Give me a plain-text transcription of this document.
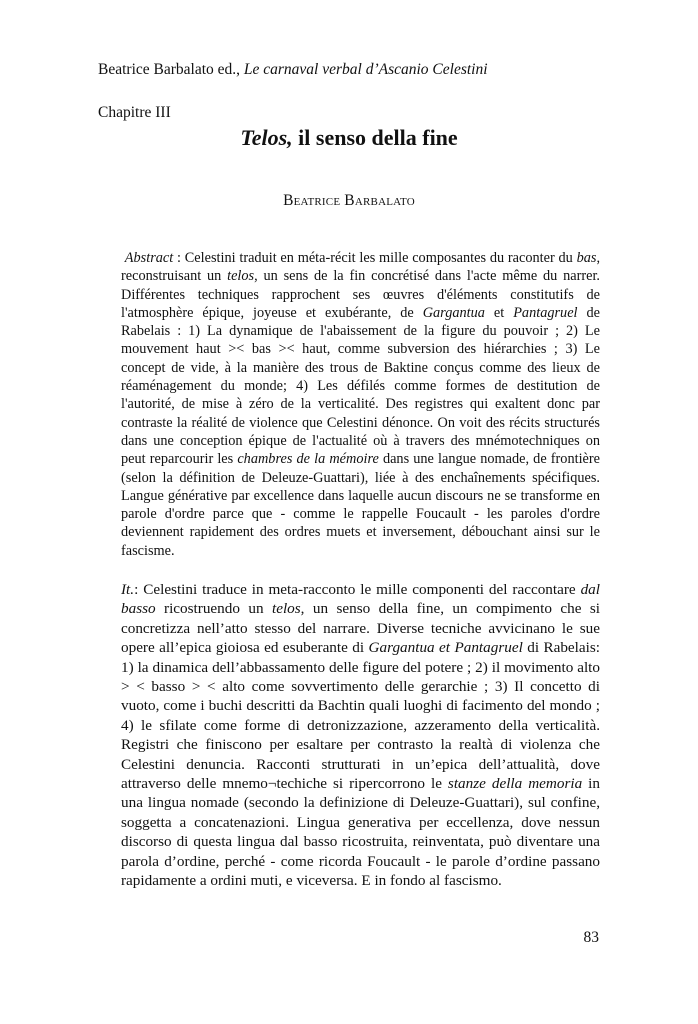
Beatrice Barbalato ed., Le carnaval verbal d’Ascanio Celestini
Chapitre III
Telos, il senso della fine
Beatrice Barbalato

Abstract : Celestini traduit en méta-récit les mille composantes du raconter du bas, reconstruisant un telos, un sens de la fin concrétisé dans l'acte même du narrer. Différentes techniques rapprochent ses œuvres d'éléments constitutifs de l'atmosphère épique, joyeuse et exubérante, de Gargantua et Pantagruel de Rabelais : 1) La dynamique de l'abaissement de la figure du pouvoir ; 2) Le mouvement haut >< bas >< haut, comme subversion des hiérarchies ; 3) Le concept de vide, à la manière des trous de Baktine conçus comme des lieux de réaménagement du monde; 4) Les défilés comme formes de destitution de l'autorité, de mise à zéro de la verticalité. Des registres qui exaltent donc par contraste la réalité de violence que Celestini dénonce. On voit des récits structurés dans une conception épique de l'actualité où à travers des mnémotechniques on peut reparcourir les chambres de la mémoire dans une langue nomade, de frontière (selon la définition de Deleuze-Guattari), liée à des enchaînements spécifiques. Langue générative par excellence dans laquelle aucun discours ne se transforme en parole d'ordre parce que - comme le rappelle Foucault - les paroles d'ordre deviennent rapidement des ordres muets et inversement, débouchant ainsi sur le fascisme.

It.: Celestini traduce in meta-racconto le mille componenti del raccontare dal basso ricostruendo un telos, un senso della fine, un compimento che si concretizza nell’atto stesso del narrare. Diverse tecniche avvicinano le sue opere all’epica gioiosa ed esuberante di Gargantua et Pantagruel di Rabelais: 1) la dinamica dell’abbassamento delle figure del potere ; 2) il movimento alto > < basso > < alto come sovvertimento delle gerarchie ; 3) Il concetto di vuoto, come i buchi descritti da Bachtin quali luoghi di facimento del mondo ; 4) le sfilate come forme di detronizzazione, azzeramento della verticalità. Registri che finiscono per esaltare per contrasto la realtà di violenza che Celestini denuncia. Racconti strutturati in un’epica dell’attualità, dove attraverso delle mnemo¬techiche si ripercorrono le stanze della memoria in una lingua nomade (secondo la definizione di Deleuze-Guattari), sul confine, soggetta a concatenazioni. Lingua generativa per eccellenza, dove nessun discorso di questa lingua dal basso ricostruita, reinventata, può diventare una parola d’ordine, perché - come ricorda Foucault - le parole d’ordine passano rapidamente a ordini muti, e viceversa. E in fondo al fascismo.

83
